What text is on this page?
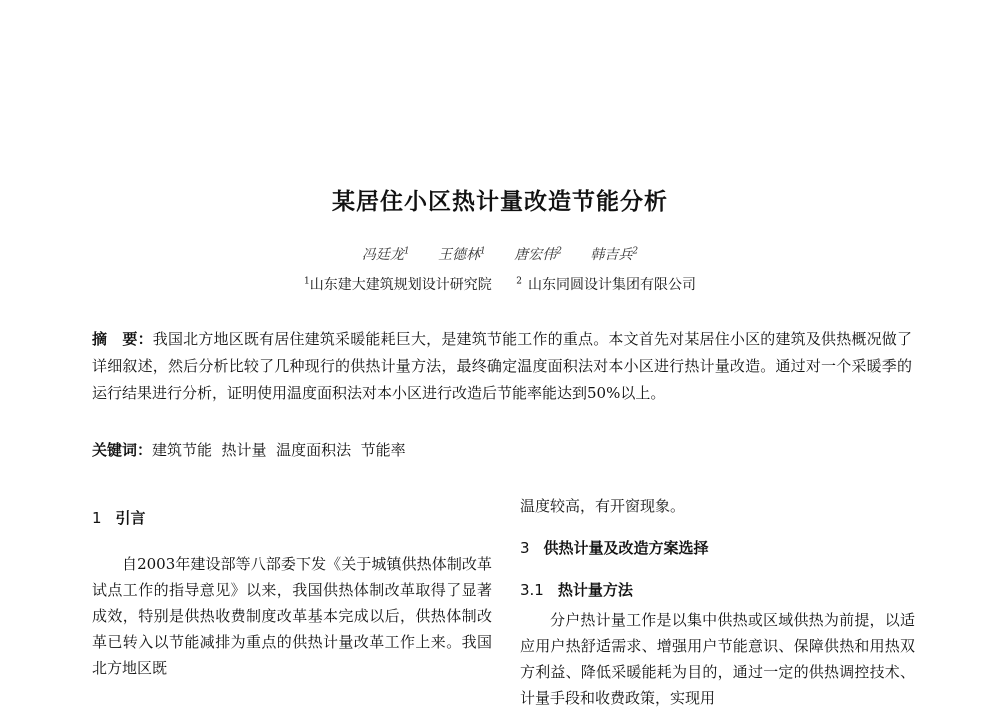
某居住小区热计量改造节能分析
冯廷龙$^1$ 王德林$^1$ 唐宏伟$^2$ 韩吉兵$^2$
$^1$山东建大建筑规划设计研究院	$^2$ 山东同圆设计集团有限公司
摘　要：我国北方地区既有居住建筑采暖能耗巨大，是建筑节能工作的重点。本文首先对某居住小区的建筑及供热概况做了详细叙述，然后分析比较了几种现行的供热计量方法，最终确定温度面积法对本小区进行热计量改造。通过对一个采暖季的运行结果进行分析，证明使用温度面积法对本小区进行改造后节能率能达到50%以上。
关键词：建筑节能  热计量  温度面积法  节能率

1 引言

自2003年建设部等八部委下发《关于城镇供热体制改革试点工作的指导意见》以来，我国供热体制改革取得了显著成效，特别是供热收费制度改革基本完成以后，供热体制改革已转入以节能减排为重点的供热计量改革工作上来。我国北方地区既

温度较高，有开窗现象。

3 供热计量及改造方案选择

3.1 热计量方法

分户热计量工作是以集中供热或区域供热为前提，以适应用户热舒适需求、增强用户节能意识、保障供热和用热双方利益、降低采暖能耗为目的，通过一定的供热调控技术、计量手段和收费政策，实现用
